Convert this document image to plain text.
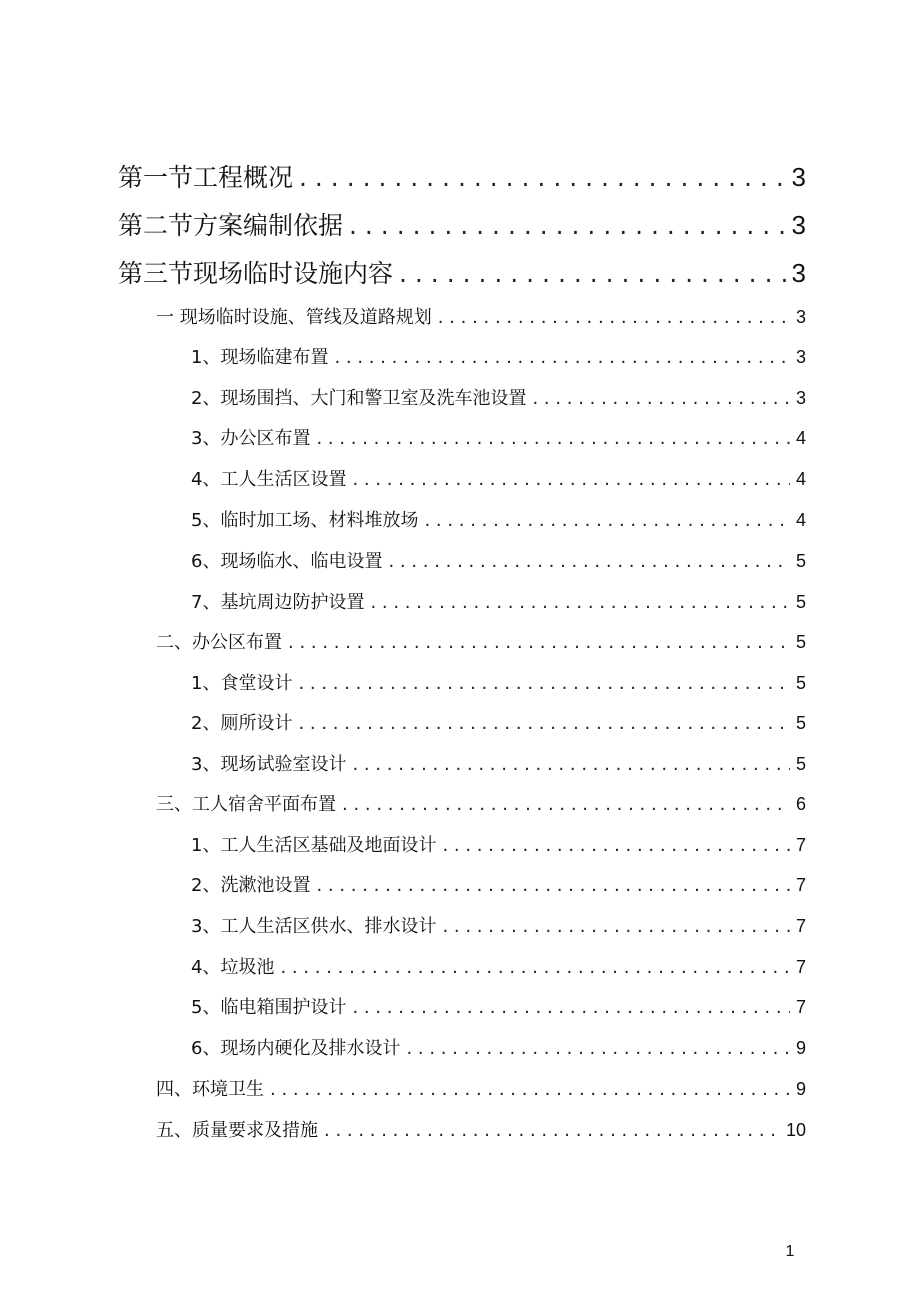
第一节工程概况 . . .	3
第二节方案编制依据 . . .	3
第三节现场临时设施内容 . . .	3
一 现场临时设施、管线及道路规划 . . .	3
1、现场临建布置 . . .	3
2、现场围挡、大门和警卫室及洗车池设置 . . .	3
3、办公区布置 . . .	4
4、工人生活区设置 . . .	4
5、临时加工场、材料堆放场 . . .	4
6、现场临水、临电设置 . . .	5
7、基坑周边防护设置 . . .	5
二、办公区布置 . . .	5
1、食堂设计 . . .	5
2、厕所设计 . . .	5
3、现场试验室设计 . . .	5
三、工人宿舍平面布置 . . .	6
1、工人生活区基础及地面设计 . . .	7
2、洗漱池设置 . . .	7
3、工人生活区供水、排水设计 . . .	7
4、垃圾池 . . .	7
5、临电箱围护设计 . . .	7
6、现场内硬化及排水设计 . . .	9
四、环境卫生 . . .	9
五、质量要求及措施 . . .	10
1
